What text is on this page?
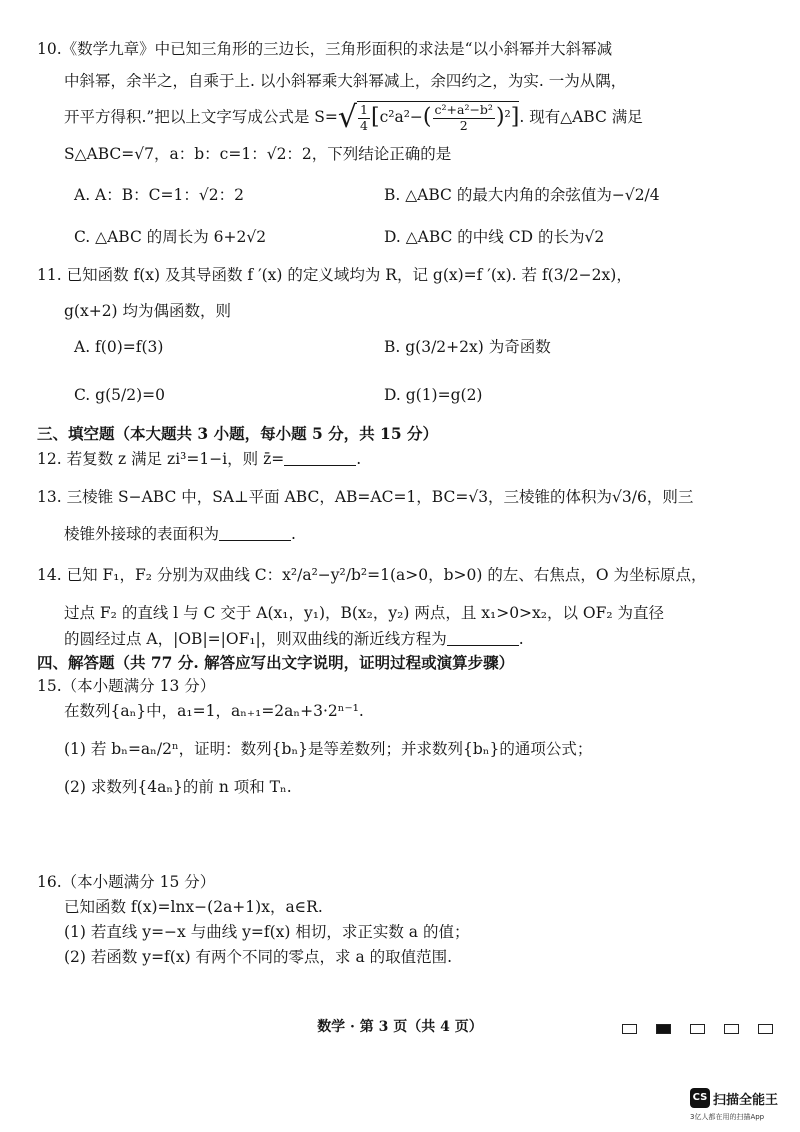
10.《数学九章》中已知三角形的三边长，三角形面积的求法是“以小斜幂并大斜幂减
中斜幂，余半之，自乘于上. 以小斜幂乘大斜幂减上，余四约之，为实. 一为从隅，
开平方得积.”把以上文字写成公式是 $S=√ \frac{1}{4} [c^2a^2-( \frac{\text{c²+a²−b²}}{2} )^2]$. 现有△ABC 满足
S△ABC=√7，a：b：c=1：√2：2，下列结论正确的是
A. A：B：C=1：√2：2	B. △ABC 的最大内角的余弦值为−√2/4
C. △ABC 的周长为 6+2√2	D. △ABC 的中线 CD 的长为√2
11. 已知函数 f(x) 及其导函数 f ′(x) 的定义域均为 R，记 g(x)=f ′(x). 若 f(3/2−2x)，
g(x+2) 均为偶函数，则
A. f(0)=f(3)	B. g(3/2+2x) 为奇函数
C. g(5/2)=0	D. g(1)=g(2)
三、填空题（本大题共 3 小题，每小题 5 分，共 15 分）
12. 若复数 z 满足 zi³=1−i，则 z̄=	.
13. 三棱锥 S−ABC 中，SA⊥平面 ABC，AB=AC=1，BC=√3，三棱锥的体积为√3/6，则三
棱锥外接球的表面积为	.
14. 已知 F₁，F₂ 分别为双曲线 C：x²/a²−y²/b²=1(a>0，b>0) 的左、右焦点，O 为坐标原点，
过点 F₂ 的直线 l 与 C 交于 A(x₁，y₁)，B(x₂，y₂) 两点，且 x₁>0>x₂，以 OF₂ 为直径
的圆经过点 A，|OB|=|OF₁|，则双曲线的渐近线方程为	.
四、解答题（共 77 分. 解答应写出文字说明，证明过程或演算步骤）
15.（本小题满分 13 分）
在数列{aₙ}中，a₁=1，aₙ₊₁=2aₙ+3·2ⁿ⁻¹.
(1) 若 bₙ=aₙ/2ⁿ，证明：数列{bₙ}是等差数列；并求数列{bₙ}的通项公式；
(2) 求数列{4aₙ}的前 n 项和 Tₙ.
16.（本小题满分 15 分）
已知函数 f(x)=lnx−(2a+1)x，a∈R.
(1) 若直线 y=−x 与曲线 y=f(x) 相切，求正实数 a 的值；
(2) 若函数 y=f(x) 有两个不同的零点，求 a 的取值范围.
数学 · 第 3 页（共 4 页）
CS 扫描全能王
3亿人都在用的扫描App
